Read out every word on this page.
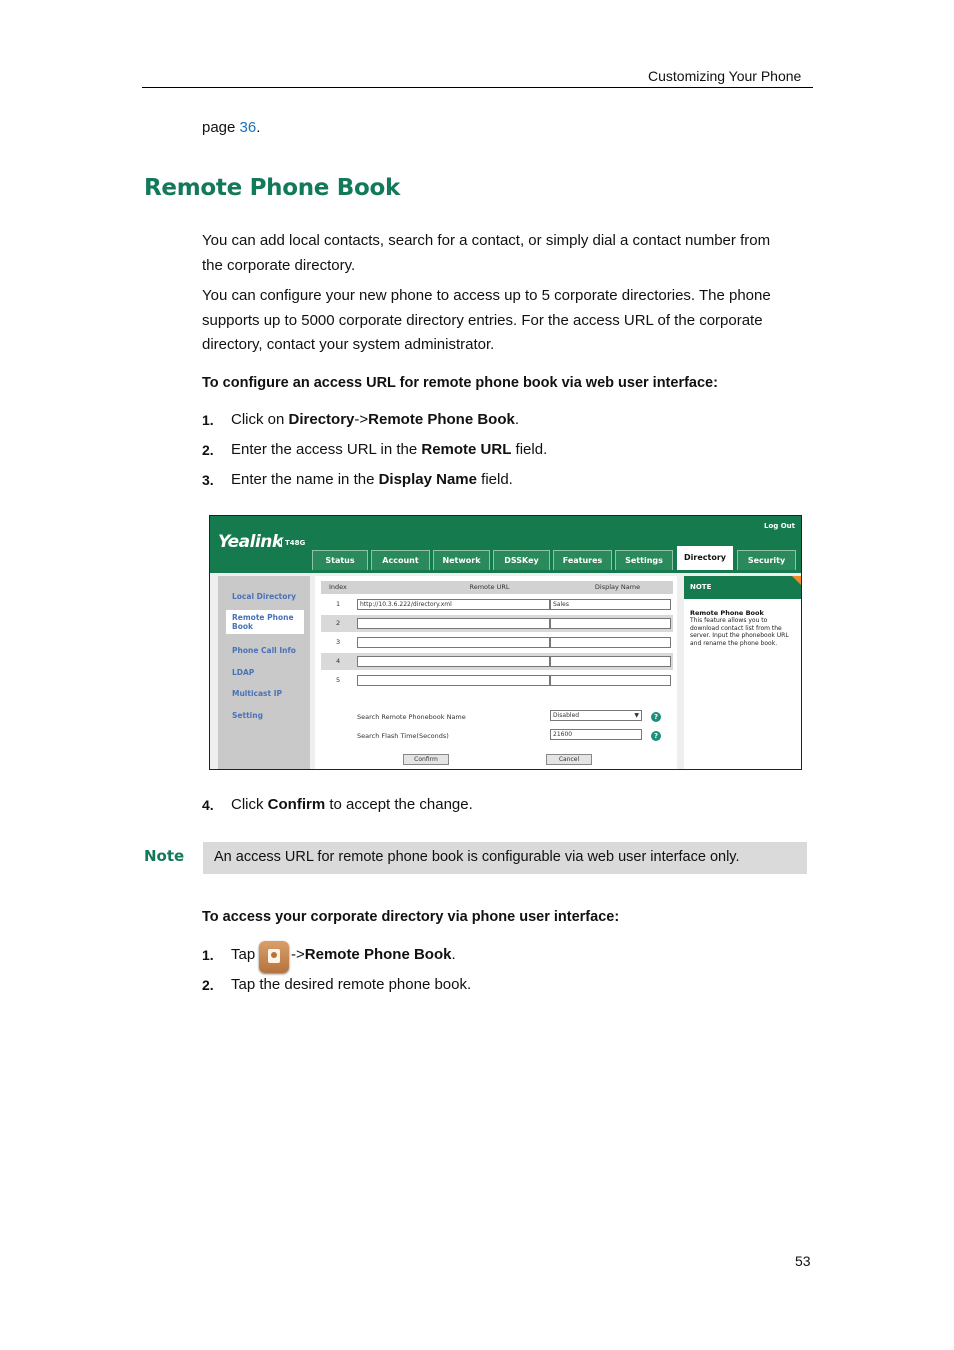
Customizing Your Phone
page 36.
Remote Phone Book
You can add local contacts, search for a contact, or simply dial a contact number from
the corporate directory.
You can configure your new phone to access up to 5 corporate directories. The phone
supports up to 5000 corporate directory entries. For the access URL of the corporate
directory, contact your system administrator.
To configure an access URL for remote phone book via web user interface:
1. Click on Directory->Remote Phone Book.
2. Enter the access URL in the Remote URL field.
3. Enter the name in the Display Name field.
Yealink T48G
Log Out
Status	Account	Network	DSSKey	Features	Settings	Directory	Security
Local Directory
Remote Phone Book
Phone Call Info
LDAP
Multicast IP
Setting
Index	Remote URL	Display Name
1	http://10.3.6.222/directory.xml	Sales
2
3
4
5
Search Remote Phonebook Name	Disabled	▼	?
Search Flash Time(Seconds)	21600	?
Confirm	Cancel
NOTE
Remote Phone Book
This feature allows you to download contact list from the server. Input the phonebook URL and rename the phone book.
4. Click Confirm to accept the change.
Note An access URL for remote phone book is configurable via web user interface only.
To access your corporate directory via phone user interface:
1. Tap ->Remote Phone Book.
2. Tap the desired remote phone book.
53
